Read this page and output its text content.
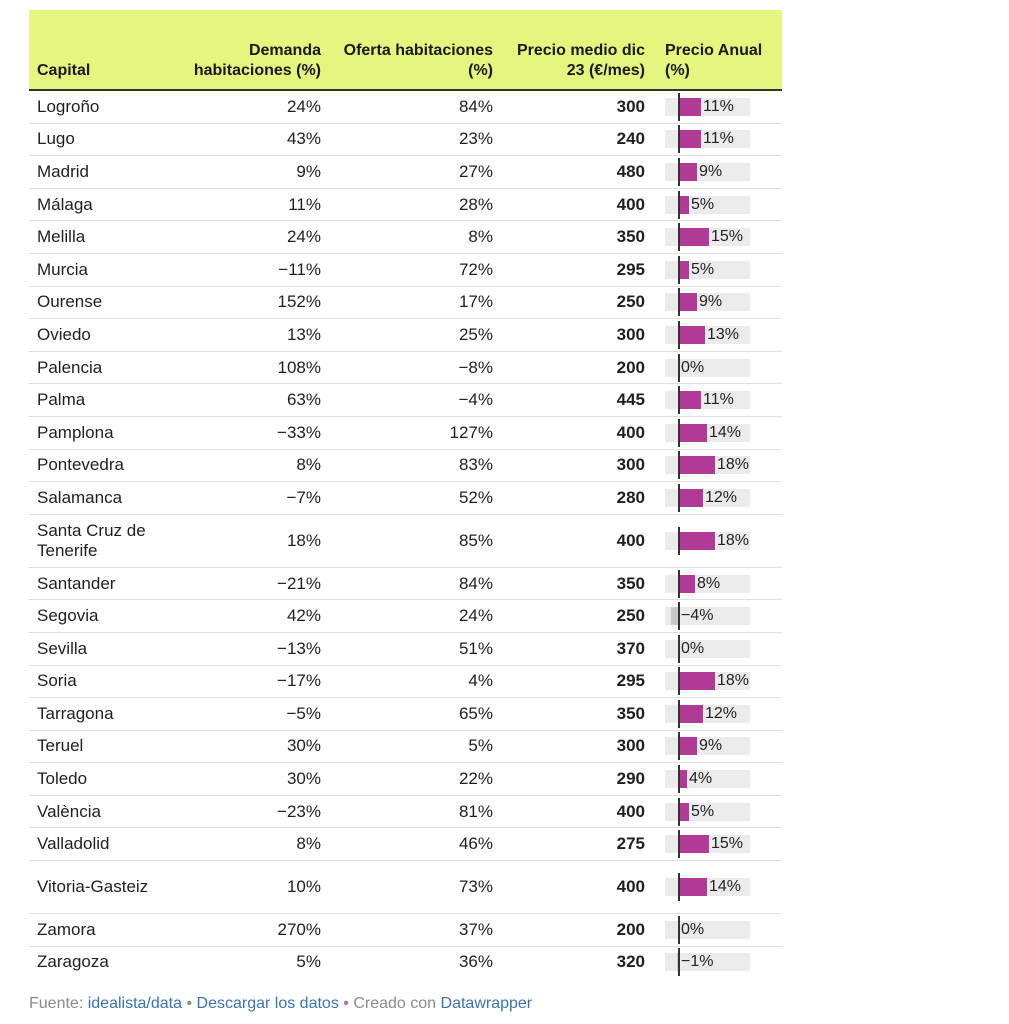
Capital	Demanda habitaciones (%)	Oferta habitaciones (%)	Precio medio dic 23 (€/mes)	Precio Anual (%)
Logroño	24%	84%	300	11%

Lugo	43%	23%	240	11%

Madrid	9%	27%	480	9%

Málaga	11%	28%	400	5%

Melilla	24%	8%	350	15%

Murcia	−11%	72%	295	5%

Ourense	152%	17%	250	9%

Oviedo	13%	25%	300	13%

Palencia	108%	−8%	200	0%

Palma	63%	−4%	445	11%

Pamplona	−33%	127%	400	14%

Pontevedra	8%	83%	300	18%

Salamanca	−7%	52%	280	12%

Santa Cruz de Tenerife	18%	85%	400	18%

Santander	−21%	84%	350	8%

Segovia	42%	24%	250	−4%

Sevilla	−13%	51%	370	0%

Soria	−17%	4%	295	18%

Tarragona	−5%	65%	350	12%

Teruel	30%	5%	300	9%

Toledo	30%	22%	290	4%

València	−23%	81%	400	5%

Valladolid	8%	46%	275	15%

Vitoria-Gasteiz	10%	73%	400	14%

Zamora	270%	37%	200	0%

Zaragoza	5%	36%	320	−1%
Fuente: idealista/data • Descargar los datos • Creado con Datawrapper
